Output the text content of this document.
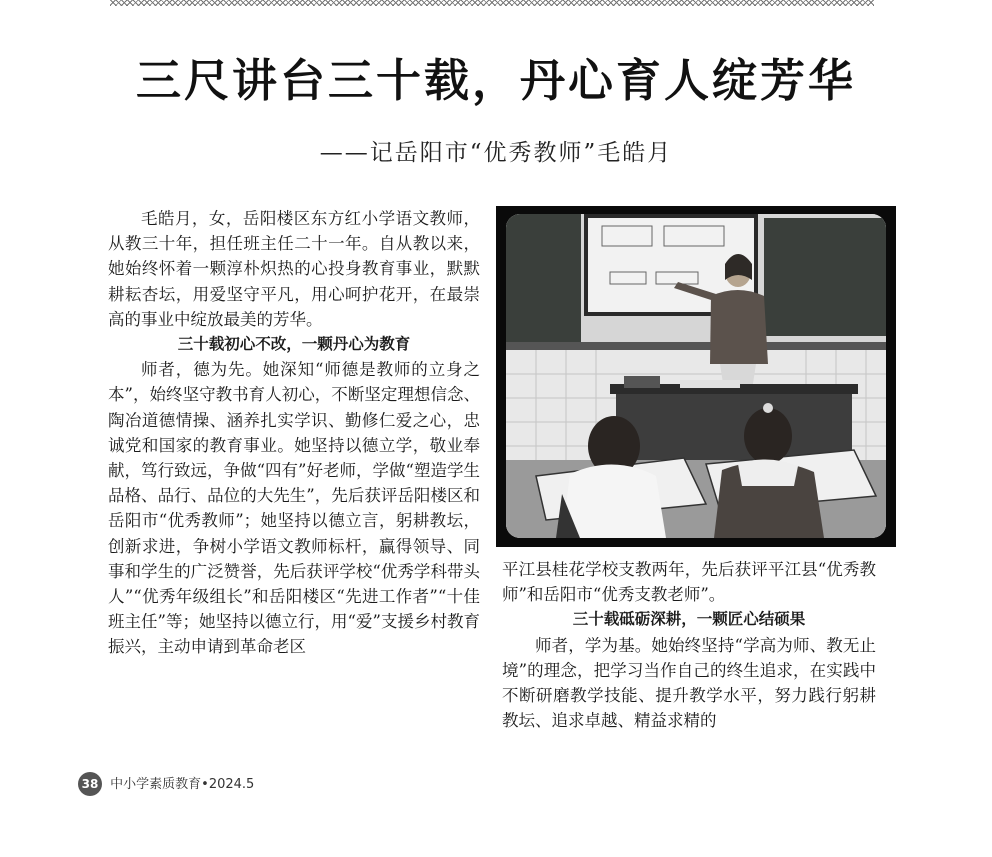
三尺讲台三十载，丹心育人绽芳华
——记岳阳市“优秀教师”毛皓月

毛皓月，女，岳阳楼区东方红小学语文教师，从教三十年，担任班主任二十一年。自从教以来，她始终怀着一颗淳朴炽热的心投身教育事业，默默耕耘杏坛，用爱坚守平凡，用心呵护花开，在最崇高的事业中绽放最美的芳华。

三十载初心不改，一颗丹心为教育

师者，德为先。她深知“师德是教师的立身之本”，始终坚守教书育人初心，不断坚定理想信念、陶冶道德情操、涵养扎实学识、勤修仁爱之心，忠诚党和国家的教育事业。她坚持以德立学，敬业奉献，笃行致远，争做“四有”好老师，学做“塑造学生品格、品行、品位的大先生”，先后获评岳阳楼区和岳阳市“优秀教师”；她坚持以德立言，躬耕教坛，创新求进，争树小学语文教师标杆，赢得领导、同事和学生的广泛赞誉，先后获评学校“优秀学科带头人”“优秀年级组长”和岳阳楼区“先进工作者”“十佳班主任”等；她坚持以德立行，用“爱”支援乡村教育振兴，主动申请到革命老区

平江县桂花学校支教两年，先后获评平江县“优秀教师”和岳阳市“优秀支教老师”。

三十载砥砺深耕，一颗匠心结硕果

师者，学为基。她始终坚持“学高为师、教无止境”的理念，把学习当作自己的终生追求，在实践中不断研磨教学技能、提升教学水平，努力践行躬耕教坛、追求卓越、精益求精的

38 中小学素质教育•2024.5
